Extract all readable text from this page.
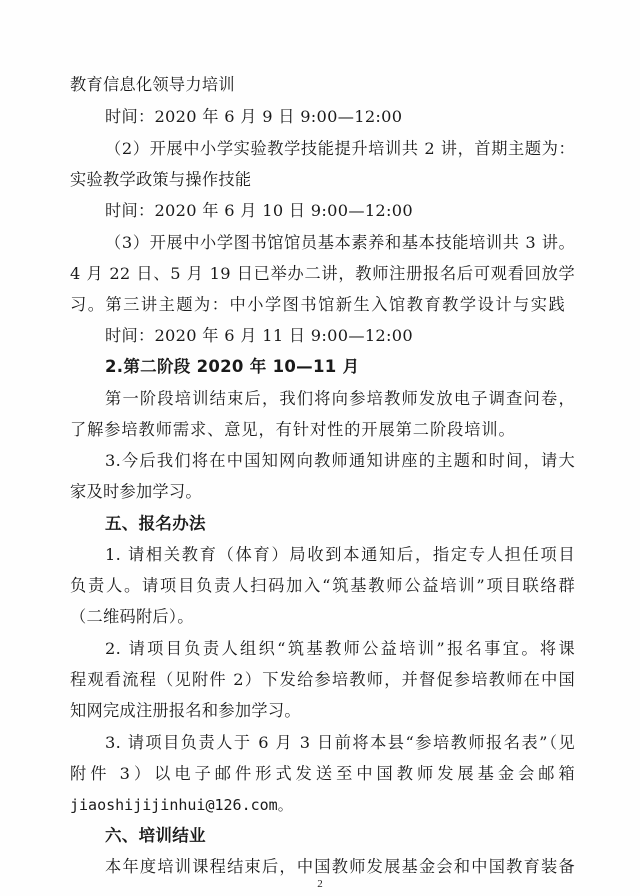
教育信息化领导力培训
时间：2020 年 6 月 9 日 9:00—12:00
（2）开展中小学实验教学技能提升培训共 2 讲，首期主题为：
实验教学政策与操作技能
时间：2020 年 6 月 10 日 9:00—12:00
（3）开展中小学图书馆馆员基本素养和基本技能培训共 3 讲。
4 月 22 日、5 月 19 日已举办二讲，教师注册报名后可观看回放学
习。第三讲主题为：中小学图书馆新生入馆教育教学设计与实践
时间：2020 年 6 月 11 日 9:00—12:00
2.第二阶段 2020 年 10—11 月
第一阶段培训结束后，我们将向参培教师发放电子调查问卷，
了解参培教师需求、意见，有针对性的开展第二阶段培训。
3.今后我们将在中国知网向教师通知讲座的主题和时间，请大
家及时参加学习。
五、报名办法
1. 请相关教育（体育）局收到本通知后，指定专人担任项目
负责人。请项目负责人扫码加入“筑基教师公益培训”项目联络群
（二维码附后）。
2. 请项目负责人组织“筑基教师公益培训”报名事宜。将课
程观看流程（见附件 2）下发给参培教师，并督促参培教师在中国
知网完成注册报名和参加学习。
3. 请项目负责人于 6 月 3 日前将本县“参培教师报名表”（见
附件 3）以电子邮件形式发送至中国教师发展基金会邮箱
jiaoshijijinhui@126.com。
六、培训结业
本年度培训课程结束后，中国教师发展基金会和中国教育装备
2
